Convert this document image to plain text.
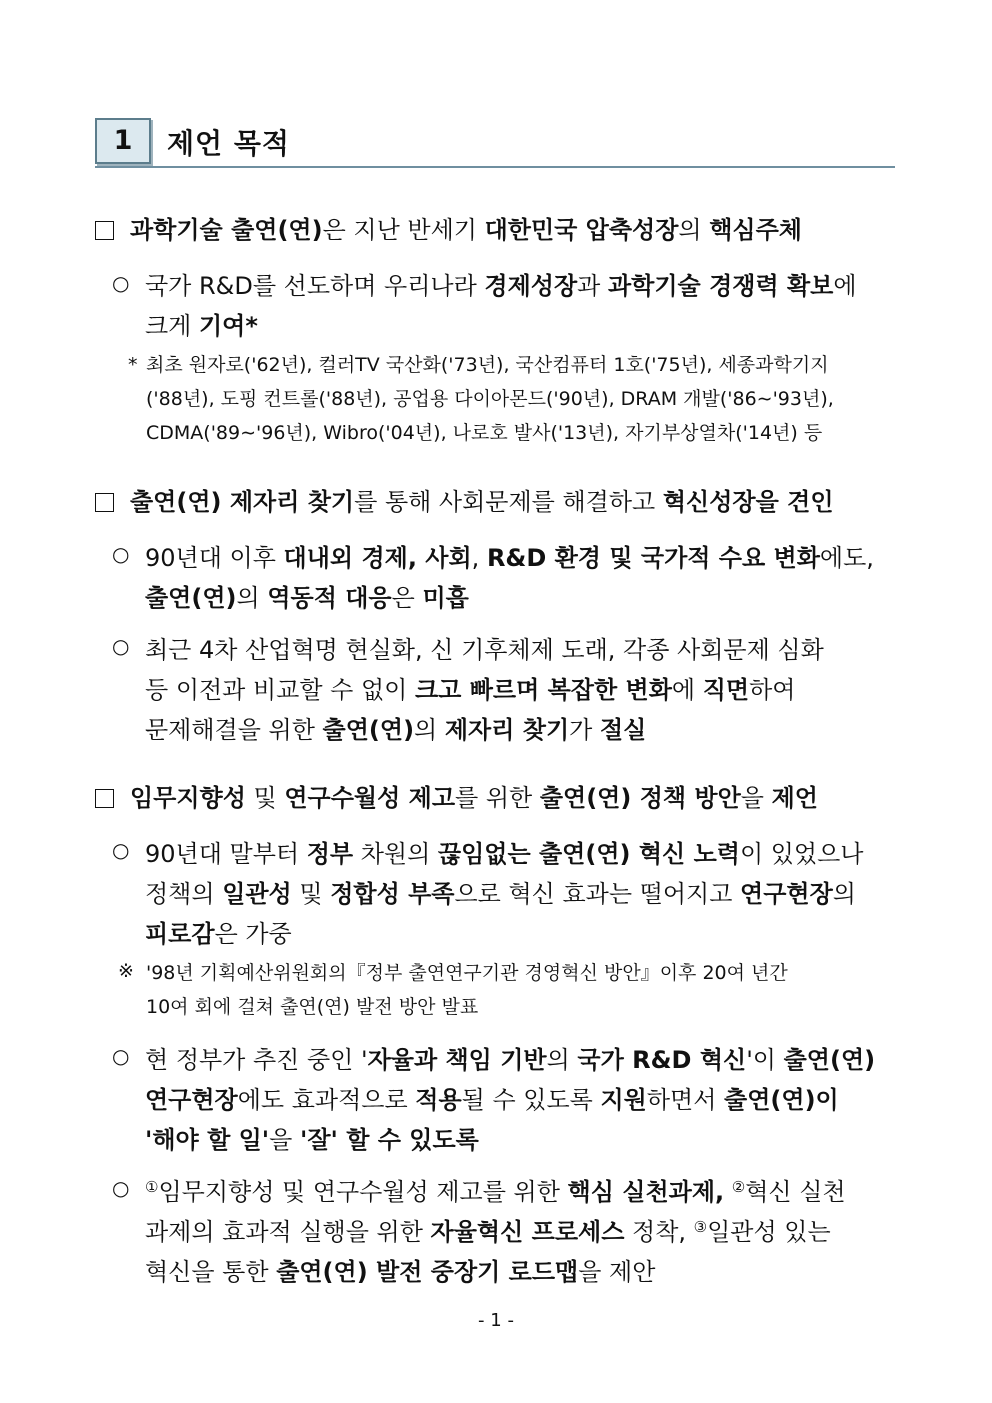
1	제언 목적
과학기술 출연(연)은 지난 반세기 대한민국 압축성장의 핵심주체
○ 국가 R&D를 선도하며 우리나라 경제성장과 과학기술 경쟁력 확보에
크게 기여*
* 최초 원자로('62년), 컬러TV 국산화('73년), 국산컴퓨터 1호('75년), 세종과학기지
('88년), 도핑 컨트롤('88년), 공업용 다이아몬드('90년), DRAM 개발('86∼'93년),
CDMA('89∼'96년), Wibro('04년), 나로호 발사('13년), 자기부상열차('14년) 등
출연(연) 제자리 찾기를 통해 사회문제를 해결하고 혁신성장을 견인
○ 90년대 이후 대내외 경제, 사회, R&D 환경 및 국가적 수요 변화에도,
출연(연)의 역동적 대응은 미흡
○ 최근 4차 산업혁명 현실화, 신 기후체제 도래, 각종 사회문제 심화
등 이전과 비교할 수 없이 크고 빠르며 복잡한 변화에 직면하여
문제해결을 위한 출연(연)의 제자리 찾기가 절실
임무지향성 및 연구수월성 제고를 위한 출연(연) 정책 방안을 제언
○ 90년대 말부터 정부 차원의 끊임없는 출연(연) 혁신 노력이 있었으나
정책의 일관성 및 정합성 부족으로 혁신 효과는 떨어지고 연구현장의
피로감은 가중
※ '98년 기획예산위원회의『정부 출연연구기관 경영혁신 방안』이후 20여 년간
10여 회에 걸쳐 출연(연) 발전 방안 발표
○ 현 정부가 추진 중인 '자율과 책임 기반의 국가 R&D 혁신'이 출연(연)
연구현장에도 효과적으로 적용될 수 있도록 지원하면서 출연(연)이
'해야 할 일'을 '잘' 할 수 있도록
○ ①임무지향성 및 연구수월성 제고를 위한 핵심 실천과제, ②혁신 실천
과제의 효과적 실행을 위한 자율혁신 프로세스 정착, ③일관성 있는
혁신을 통한 출연(연) 발전 중장기 로드맵을 제안
- 1 -
